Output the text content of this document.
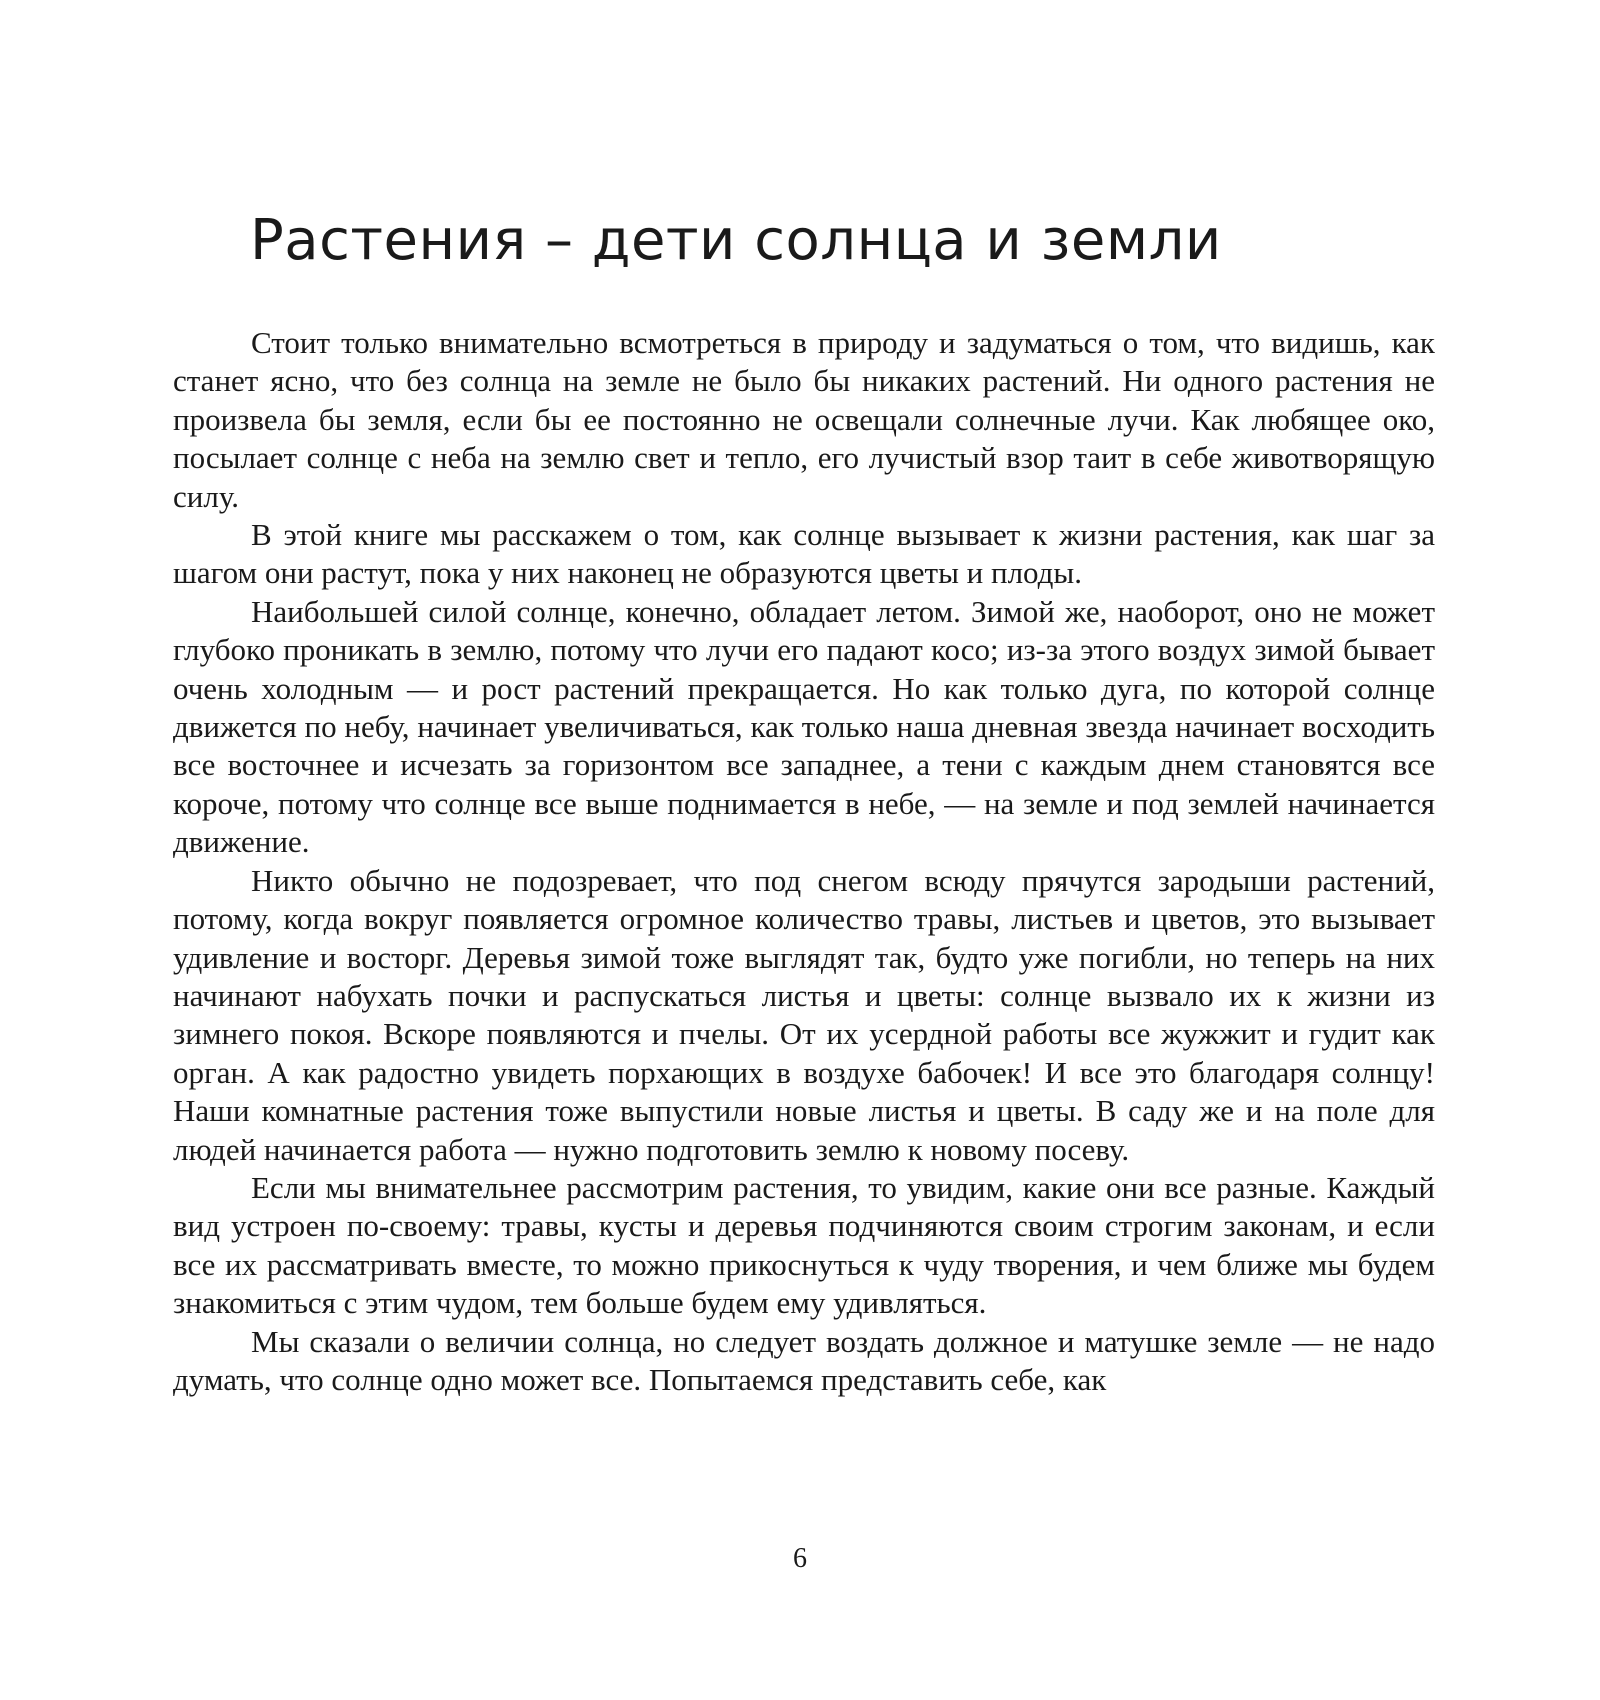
Растения – дети солнца и земли

Стоит только внимательно всмотреться в природу и задуматься о том, что видишь, как станет ясно, что без солнца на земле не было бы никаких растений. Ни одного растения не произвела бы земля, если бы ее постоянно не освещали солнечные лучи. Как любящее око, посылает солнце с неба на землю свет и тепло, его лучистый взор таит в себе животворящую силу.

В этой книге мы расскажем о том, как солнце вызывает к жизни растения, как шаг за шагом они растут, пока у них наконец не образуются цветы и плоды.

Наибольшей силой солнце, конечно, обладает летом. Зимой же, наоборот, оно не может глубоко проникать в землю, потому что лучи его падают косо; из-за этого воздух зимой бывает очень холодным — и рост растений прекращается. Но как только дуга, по которой солнце движется по небу, начинает увеличиваться, как только наша дневная звезда начинает восходить все восточнее и исчезать за горизонтом все западнее, а тени с каждым днем становятся все короче, потому что солнце все выше поднимается в небе, — на земле и под землей начинается движение.

Никто обычно не подозревает, что под снегом всюду прячутся зародыши растений, потому, когда вокруг появляется огромное количество травы, листьев и цветов, это вызывает удивление и восторг. Деревья зимой тоже выглядят так, будто уже погибли, но теперь на них начинают набухать почки и распускаться листья и цветы: солнце вызвало их к жизни из зимнего покоя. Вскоре появляются и пчелы. От их усердной работы все жужжит и гудит как орган. А как радостно увидеть порхающих в воздухе бабочек! И все это благодаря солнцу! Наши комнатные растения тоже выпустили новые листья и цветы. В саду же и на поле для людей начинается работа — нужно подготовить землю к новому посеву.

Если мы внимательнее рассмотрим растения, то увидим, какие они все разные. Каждый вид устроен по-своему: травы, кусты и деревья подчиняются своим строгим законам, и если все их рассматривать вместе, то можно прикоснуться к чуду творения, и чем ближе мы будем знакомиться с этим чудом, тем больше будем ему удивляться.

Мы сказали о величии солнца, но следует воздать должное и матушке земле — не надо думать, что солнце одно может все. Попытаемся представить себе, как

6
